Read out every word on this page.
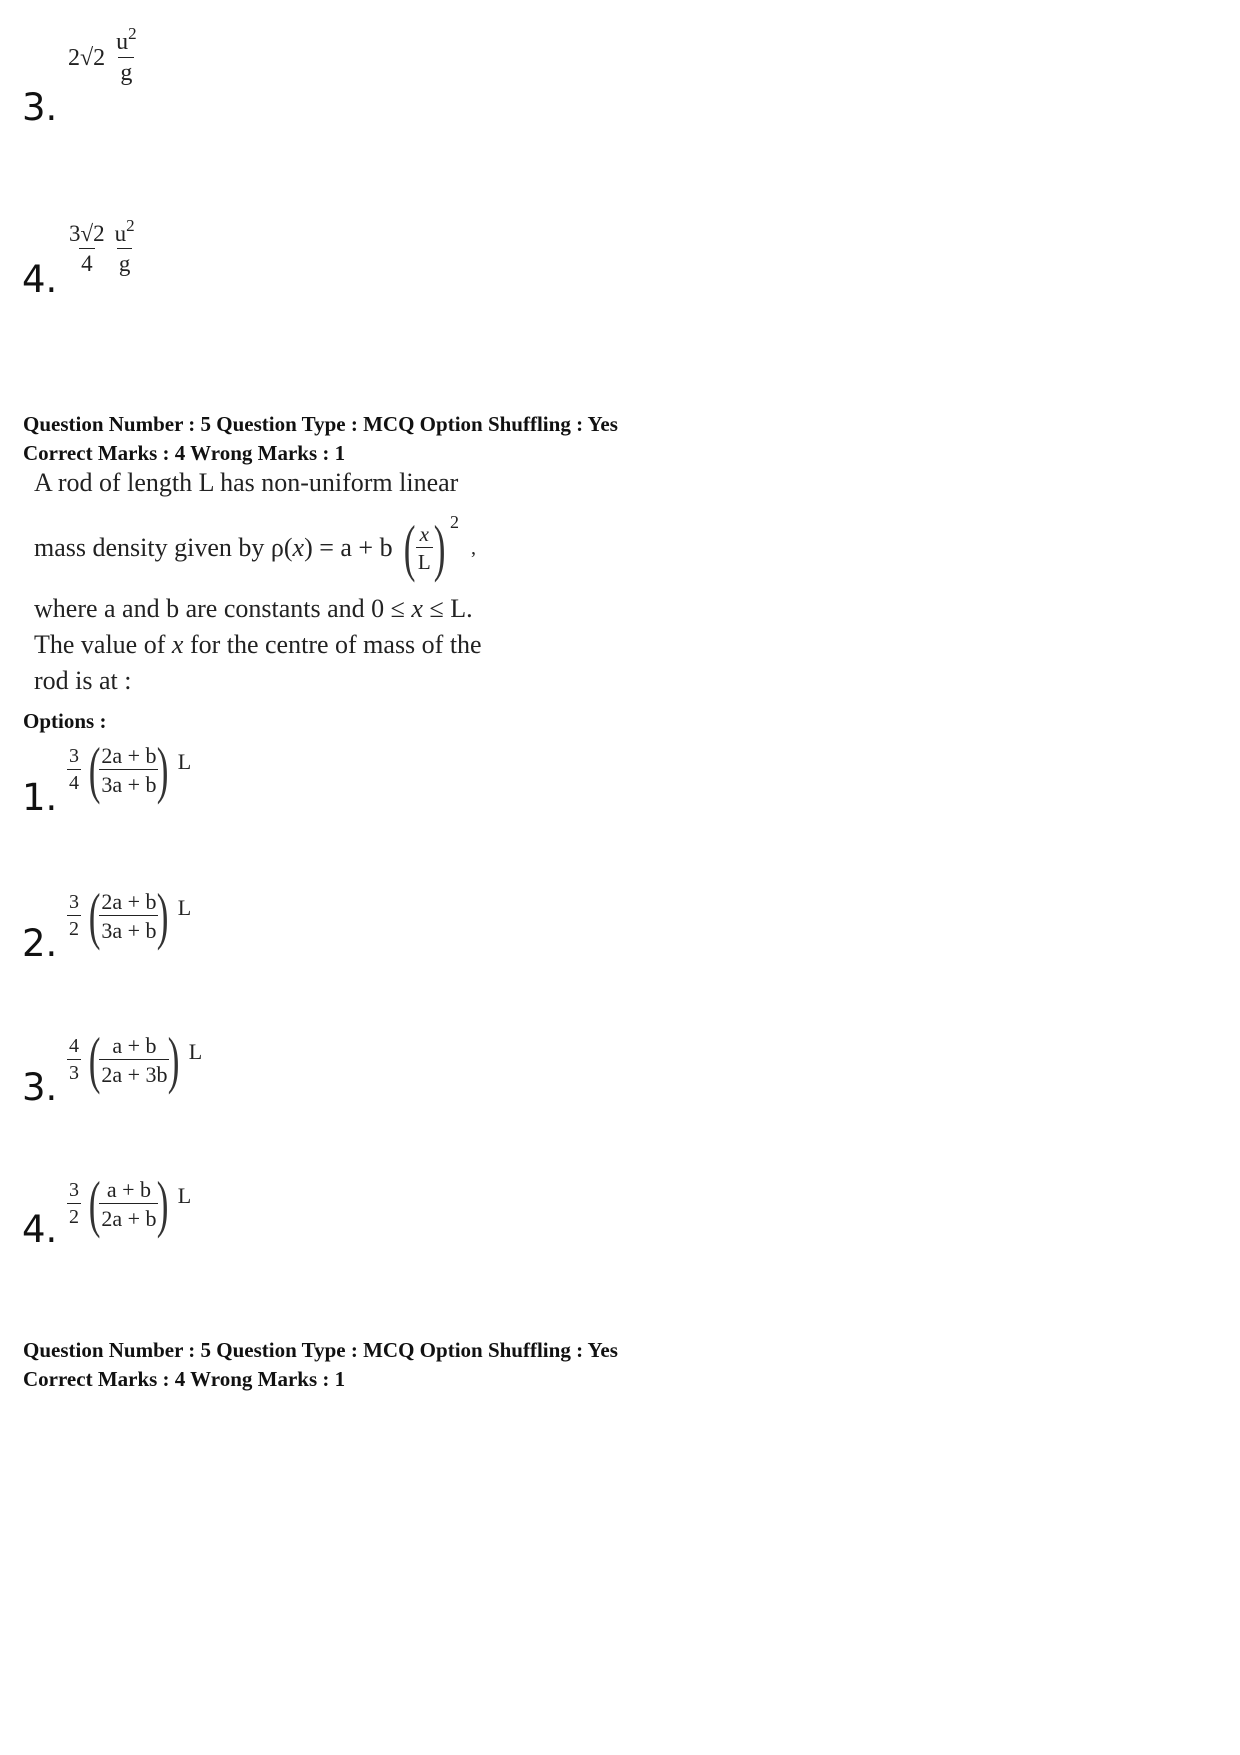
3.
$2√2 \frac{u^2}{g}$
4.
$\frac{3√2}{4} \frac{u^2}{g}$
Question Number : 5 Question Type : MCQ Option Shuffling : Yes
Correct Marks : 4 Wrong Marks : 1
A rod of length L has non-uniform linear
mass density given by ρ( x ) = a + b ( $\frac{x}{L}$ ) 2
,
where a and b are constants and 0 ≤ x ≤ L.
The value of x for the centre of mass of the
rod is at :
Options :
1.
$\frac{3}{4}$ (
$\frac{2a + b}{3a + b}$
) L
2.
$\frac{3}{2}$ (
$\frac{2a + b}{3a + b}$
) L
3.
$\frac{4}{3}$ (
$\frac{a + b}{2a + 3b}$
) L
4.
$\frac{3}{2}$ (
$\frac{a + b}{2a + b}$
) L
Question Number : 5 Question Type : MCQ Option Shuffling : Yes
Correct Marks : 4 Wrong Marks : 1
